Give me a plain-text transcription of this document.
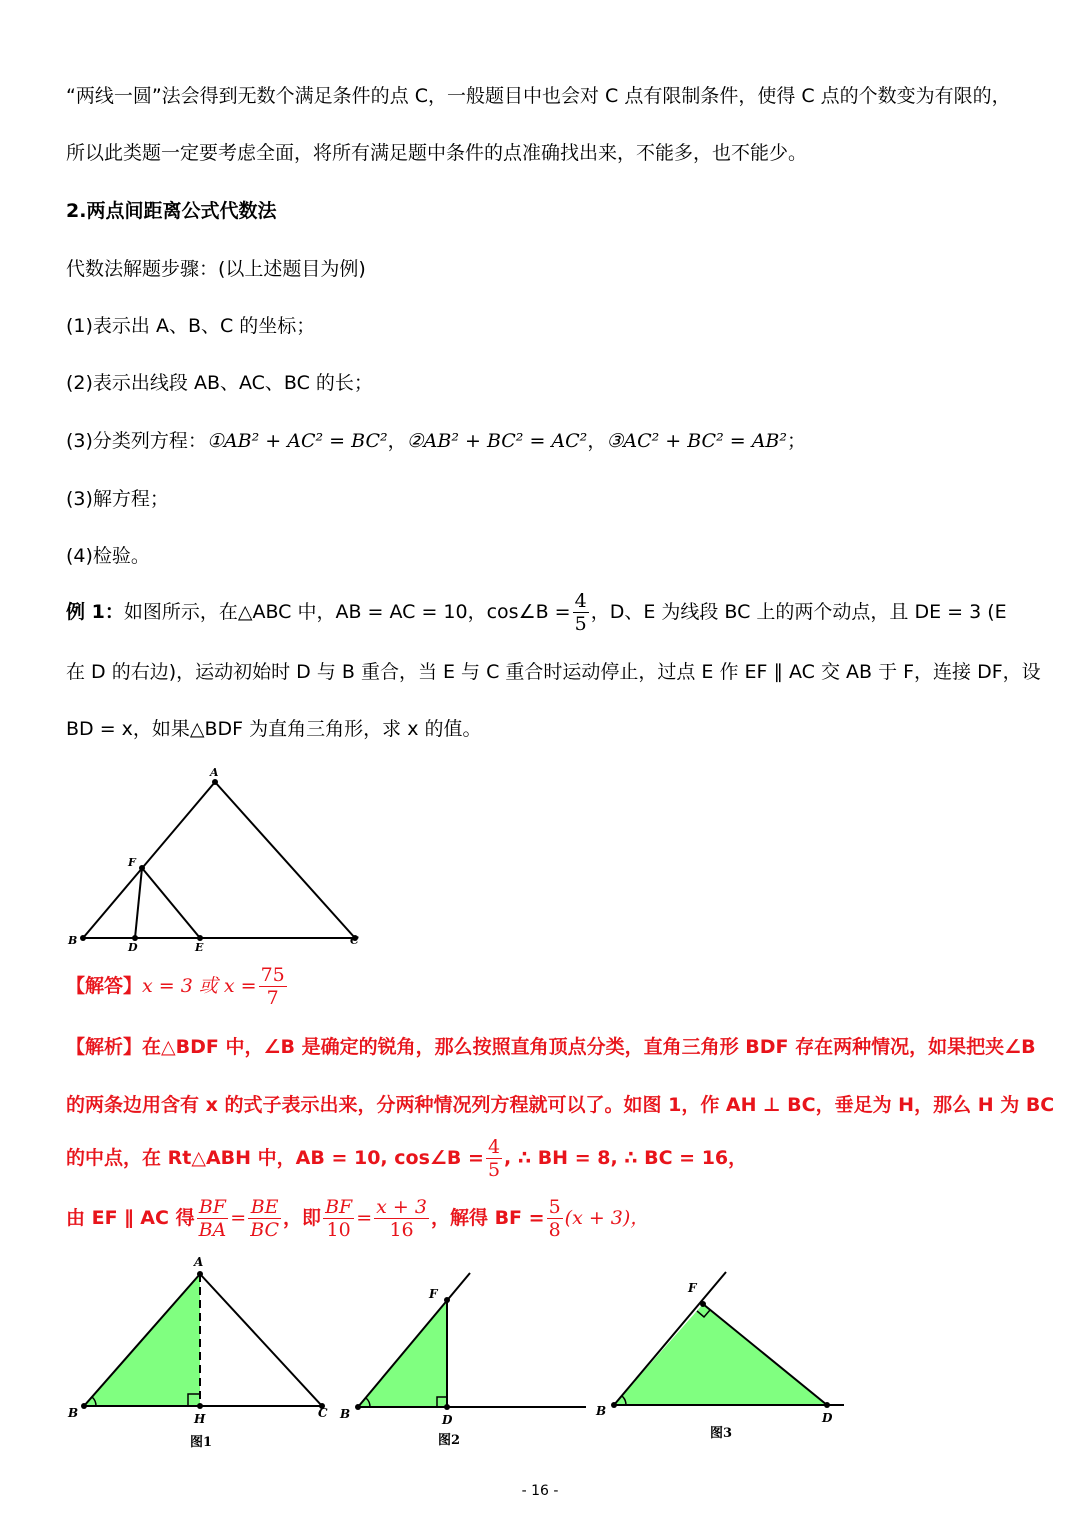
“两线一圆”法会得到无数个满足条件的点 C，一般题目中也会对 C 点有限制条件，使得 C 点的个数变为有限的，
所以此类题一定要考虑全面，将所有满足题中条件的点准确找出来，不能多，也不能少。
2.两点间距离公式代数法
代数法解题步骤：(以上述题目为例)
(1)表示出 A、B、C 的坐标；
(2)表示出线段 AB、AC、BC 的长；
(3)分类列方程：①AB² + AC² = BC²，②AB² + BC² = AC²，③AC² + BC² = AB²；
(3)解方程；
(4)检验。
例 1：如图所示，在△ABC 中，AB = AC = 10，cos∠B = $\frac{4}{5}$ ，D、E 为线段 BC 上的两个动点，且 DE = 3 (E
在 D 的右边)，运动初始时 D 与 B 重合，当 E 与 C 重合时运动停止，过点 E 作 EF ∥ AC 交 AB 于 F，连接 DF，设
BD = x，如果△BDF 为直角三角形，求 x 的值。
A
B	C
F
D	E
【解答】x = 3 或 $x = \frac{75}{7}$
【解析】在△BDF 中，∠B 是确定的锐角，那么按照直角顶点分类，直角三角形 BDF 存在两种情况，如果把夹∠B
的两条边用含有 x 的式子表示出来，分两种情况列方程就可以了。如图 1，作 AH ⊥ BC，垂足为 H，那么 H 为 BC
的中点，在 Rt△ABH 中，AB = 10, cos∠B = $\frac{4}{5}$ , ∴ BH = 8, ∴ BC = 16，
由 EF ∥ AC 得 $\frac{BF}{BA} = \frac{BE}{BC}$ ，即 $\frac{BF}{10} = \frac{x + 3}{16}$ ，解得 BF = $\frac{5}{8} (x + 3)$，
A
B	C
H
图1
B
F
D
图2
B
F
D
图3
- 16 -
